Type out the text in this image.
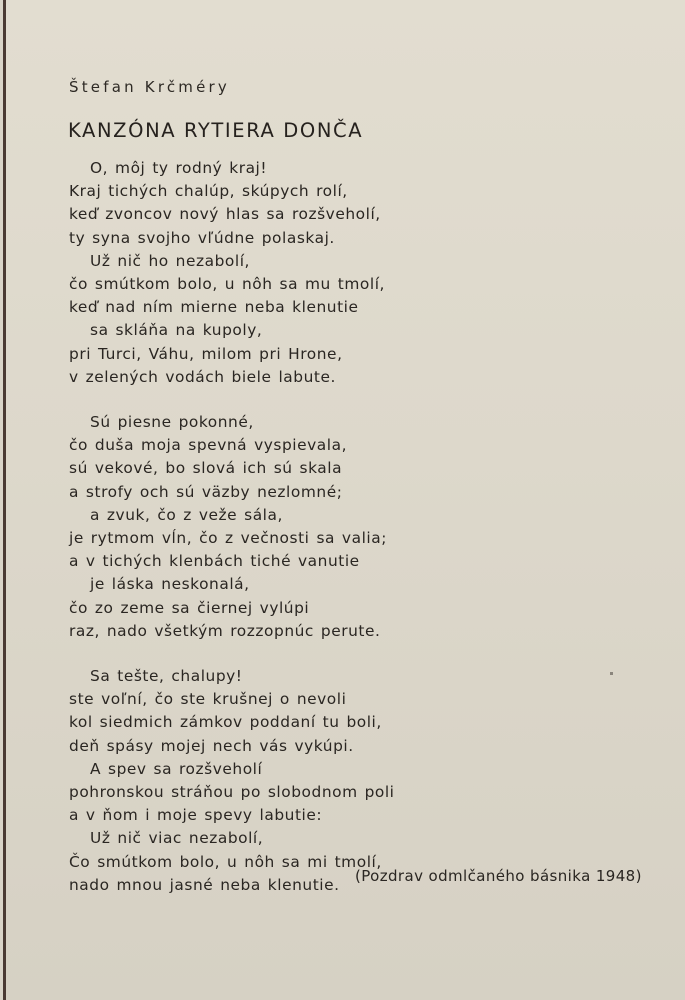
Štefan Krčméry
KANZÓNA RYTIERA DONČA
O, môj ty rodný kraj!
Kraj tichých chalúp, skúpych rolí,
keď zvoncov nový hlas sa rozšveholí,
ty syna svojho vľúdne polaskaj.
Už nič ho nezabolí,
čo smútkom bolo, u nôh sa mu tmolí,
keď nad ním mierne neba klenutie
sa skláňa na kupoly,
pri Turci, Váhu, milom pri Hrone,
v zelených vodách biele labute.
Sú piesne pokonné,
čo duša moja spevná vyspievala,
sú vekové, bo slová ich sú skala
a strofy och sú väzby nezlomné;
a zvuk, čo z veže sála,
je rytmom vĺn, čo z večnosti sa valia;
a v tichých klenbách tiché vanutie
je láska neskonalá,
čo zo zeme sa čiernej vylúpi
raz, nado všetkým rozzopnúc perute.
Sa tešte, chalupy!
ste voľní, čo ste krušnej o nevoli
kol siedmich zámkov poddaní tu boli,
deň spásy mojej nech vás vykúpi.
A spev sa rozšveholí
pohronskou stráňou po slobodnom poli
a v ňom i moje spevy labutie:
Už nič viac nezabolí,
Čo smútkom bolo, u nôh sa mi tmolí,
nado mnou jasné neba klenutie.	(Pozdrav odmlčaného básnika 1948)
